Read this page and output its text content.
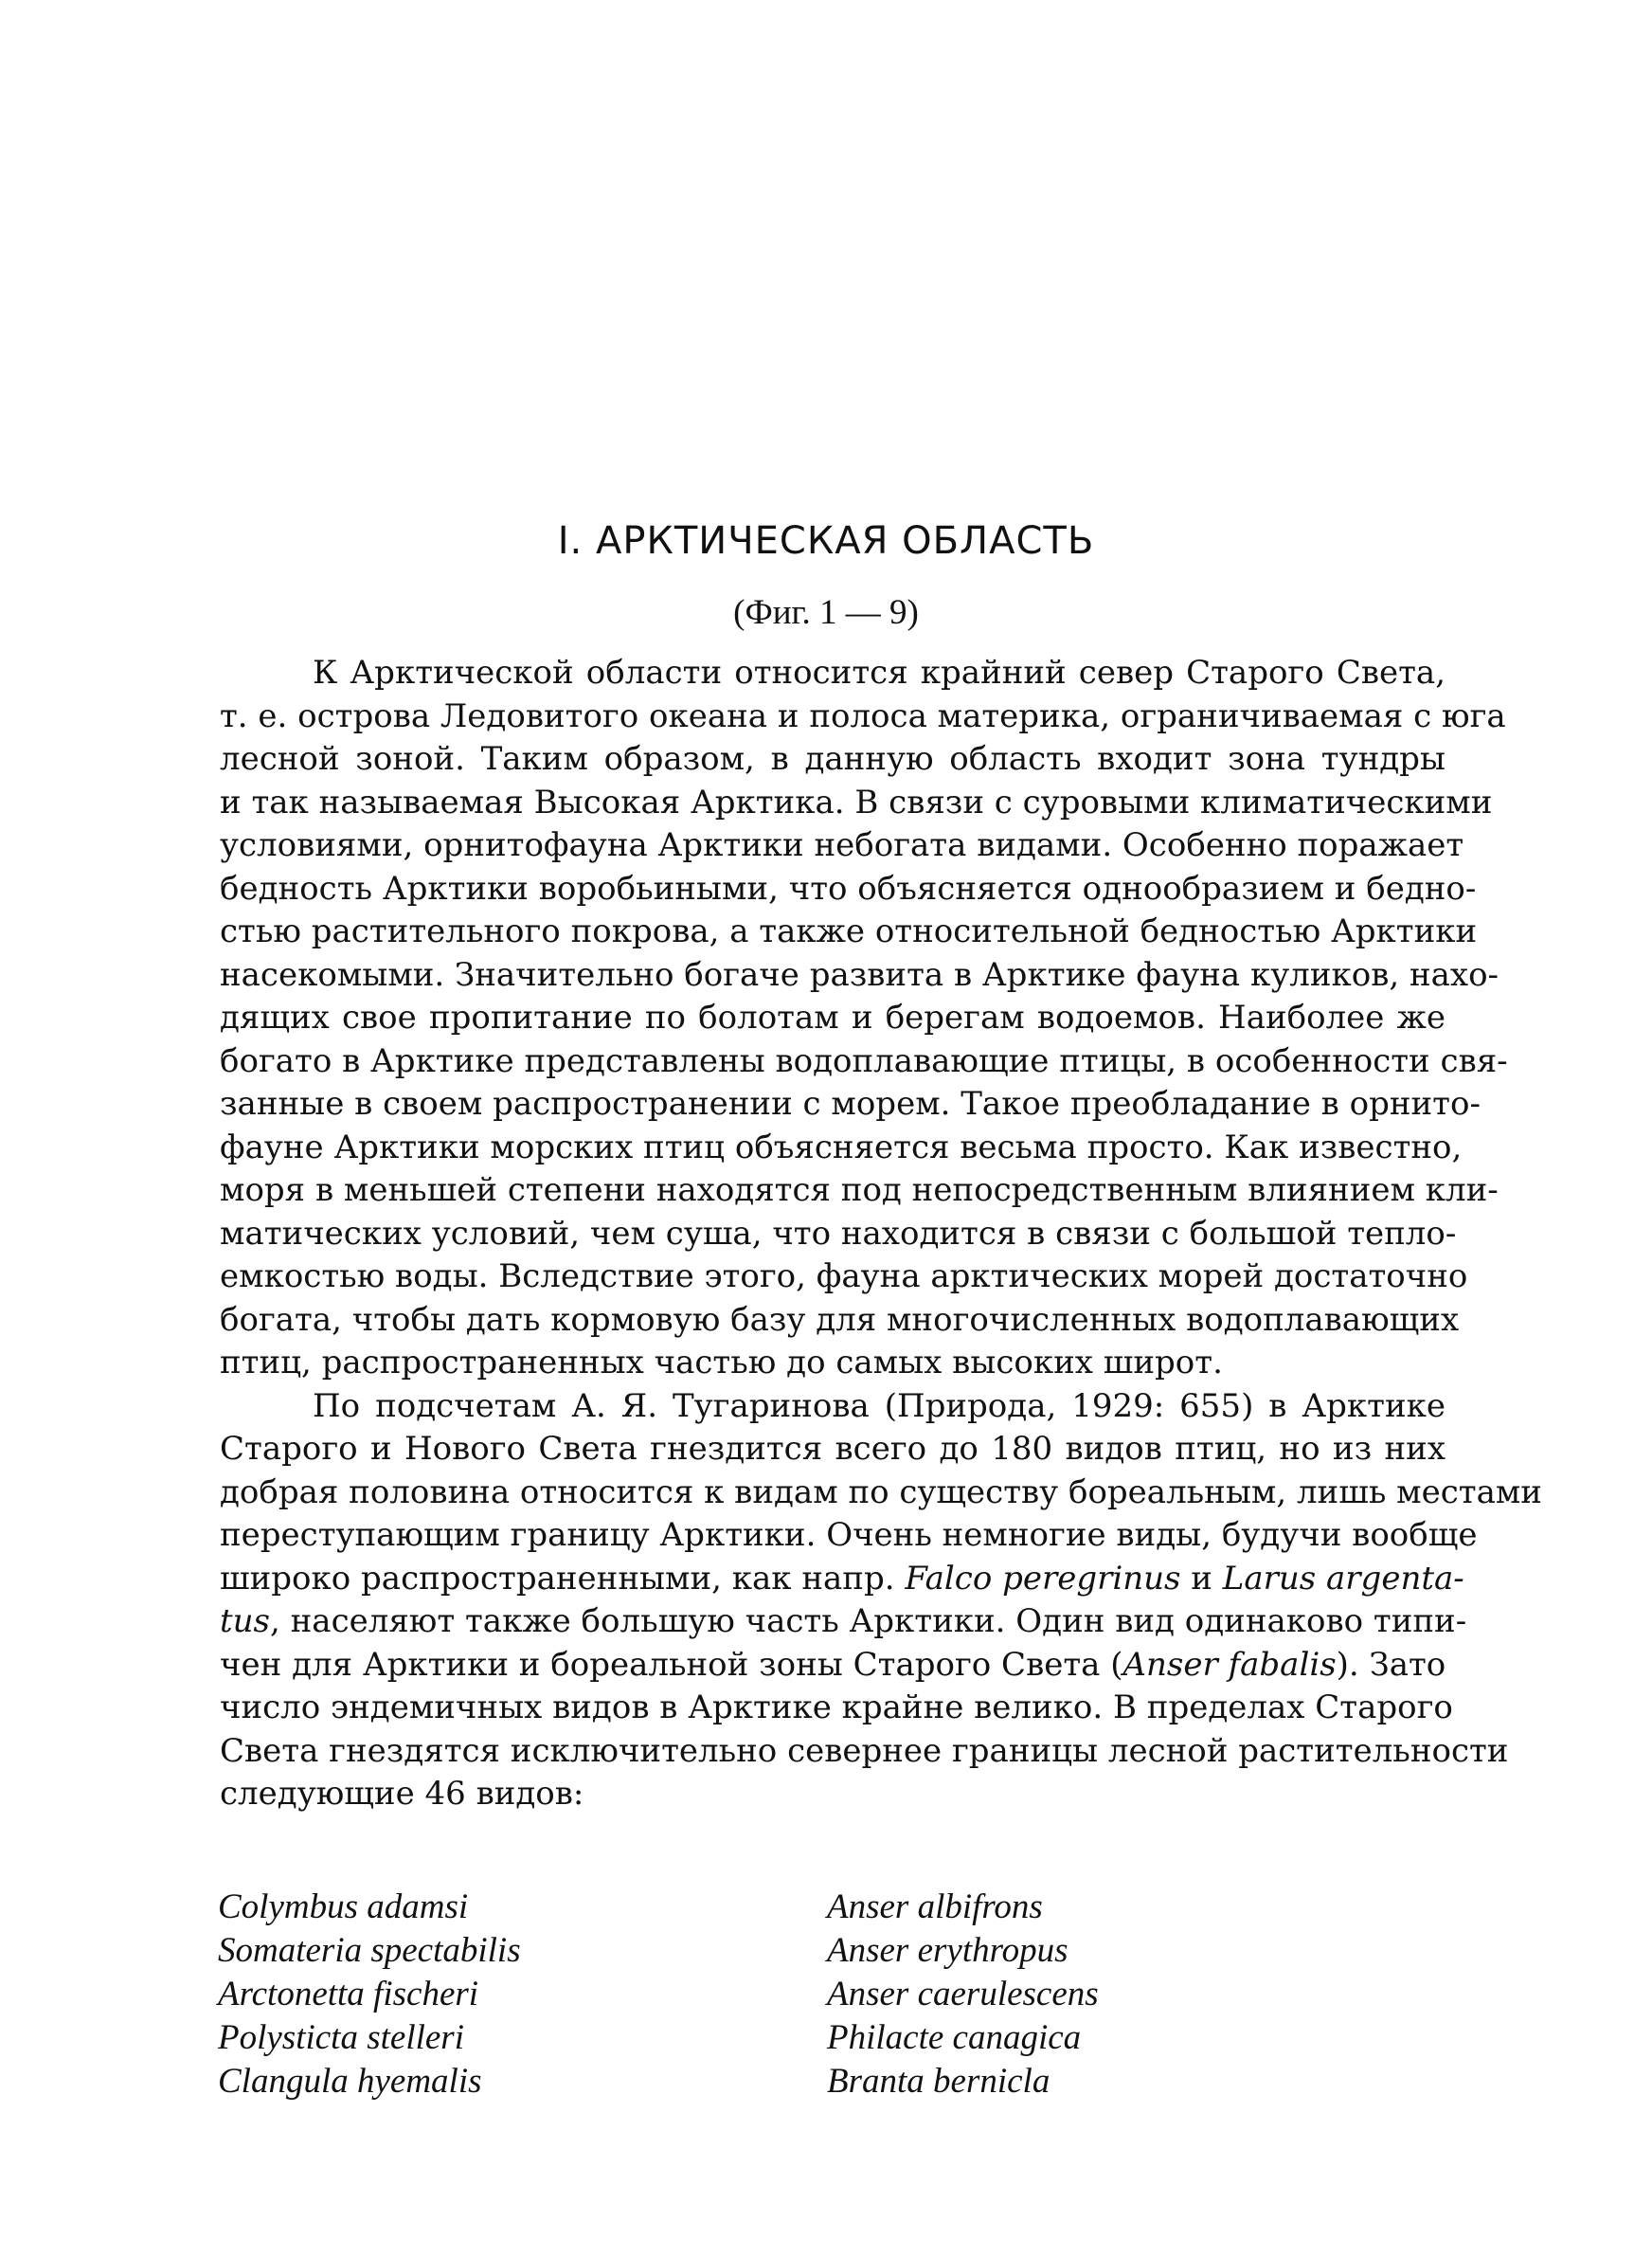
I. АРКТИЧЕСКАЯ ОБЛАСТЬ
(Фиг. 1 — 9)
К Арктической области относится крайний север Старого Света,
т. е. острова Ледовитого океана и полоса материка, ограничиваемая с юга
лесной зоной. Таким образом, в данную область входит зона тундры
и так называемая Высокая Арктика. В связи с суровыми климатическими
условиями, орнитофауна Арктики небогата видами. Особенно поражает
бедность Арктики воробьиными, что объясняется однообразием и бедно-
стью растительного покрова, а также относительной бедностью Арктики
насекомыми. Значительно богаче развита в Арктике фауна куликов, нахо-
дящих свое пропитание по болотам и берегам водоемов. Наиболее же
богато в Арктике представлены водоплавающие птицы, в особенности свя-
занные в своем распространении с морем. Такое преобладание в орнито-
фауне Арктики морских птиц объясняется весьма просто. Как известно,
моря в меньшей степени находятся под непосредственным влиянием кли-
матических условий, чем суша, что находится в связи с большой тепло-
емкостью воды. Вследствие этого, фауна арктических морей достаточно
богата, чтобы дать кормовую базу для многочисленных водоплавающих
птиц, распространенных частью до самых высоких широт.
По подсчетам А. Я. Тугаринова (Природа, 1929: 655) в Арктике
Старого и Нового Света гнездится всего до 180 видов птиц, но из них
добрая половина относится к видам по существу бореальным, лишь местами
переступающим границу Арктики. Очень немногие виды, будучи вообще
широко распространенными, как напр. Falco peregrinus и Larus argenta-
tus, населяют также большую часть Арктики. Один вид одинаково типи-
чен для Арктики и бореальной зоны Старого Света (Anser fabalis). Зато
число эндемичных видов в Арктике крайне велико. В пределах Старого
Света гнездятся исключительно севернее границы лесной растительности
следующие 46 видов:
Colymbus adamsi
Somateria spectabilis
Arctonetta fischeri
Polysticta stelleri
Clangula hyemalis
Anser albifrons
Anser erythropus
Anser caerulescens
Philacte canagica
Branta bernicla
